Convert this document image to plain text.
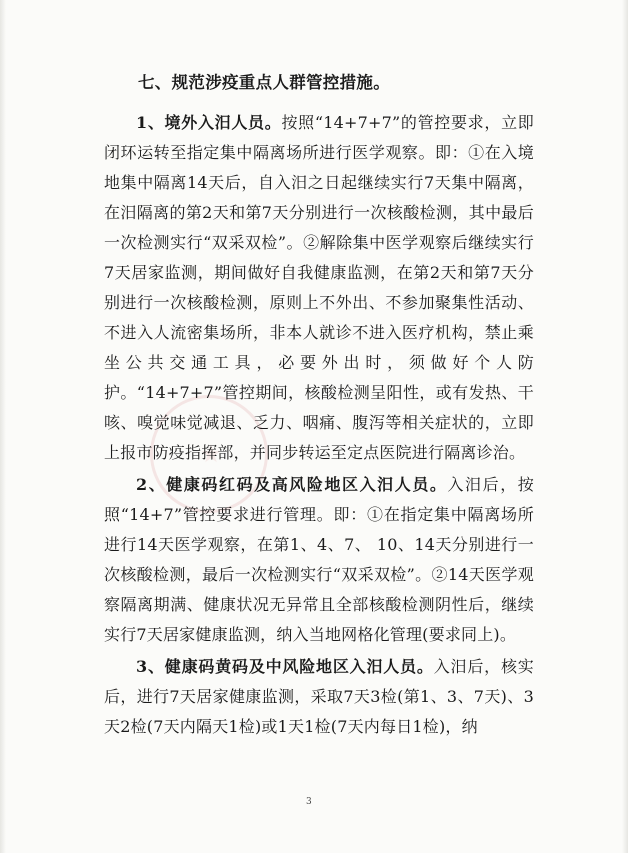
七、规范涉疫重点人群管控措施。

1、境外入汨人员。按照“14+7+7”的管控要求，立即闭环运转至指定集中隔离场所进行医学观察。即：①在入境地集中隔离14天后，自入汨之日起继续实行7天集中隔离，在汨隔离的第2天和第7天分别进行一次核酸检测，其中最后一次检测实行“双采双检”。②解除集中医学观察后继续实行7天居家监测，期间做好自我健康监测，在第2天和第7天分别进行一次核酸检测，原则上不外出、不参加聚集性活动、不进入人流密集场所，非本人就诊不进入医疗机构，禁止乘坐公共交通工具，必要外出时，须做好个人防护。“14+7+7”管控期间，核酸检测呈阳性，或有发热、干咳、嗅觉味觉减退、乏力、咽痛、腹泻等相关症状的，立即上报市防疫指挥部，并同步转运至定点医院进行隔离诊治。

2、健康码红码及高风险地区入汨人员。入汨后，按照“14+7”管控要求进行管理。即：①在指定集中隔离场所进行14天医学观察，在第1、4、7、 10、14天分别进行一次核酸检测，最后一次检测实行“双采双检”。②14天医学观察隔离期满、健康状况无异常且全部核酸检测阴性后，继续实行7天居家健康监测，纳入当地网格化管理(要求同上)。

3、健康码黄码及中风险地区入汨人员。入汨后，核实后，进行7天居家健康监测，采取7天3检(第1、3、7天)、3天2检(7天内隔天1检)或1天1检(7天内每日1检)，纳

3
